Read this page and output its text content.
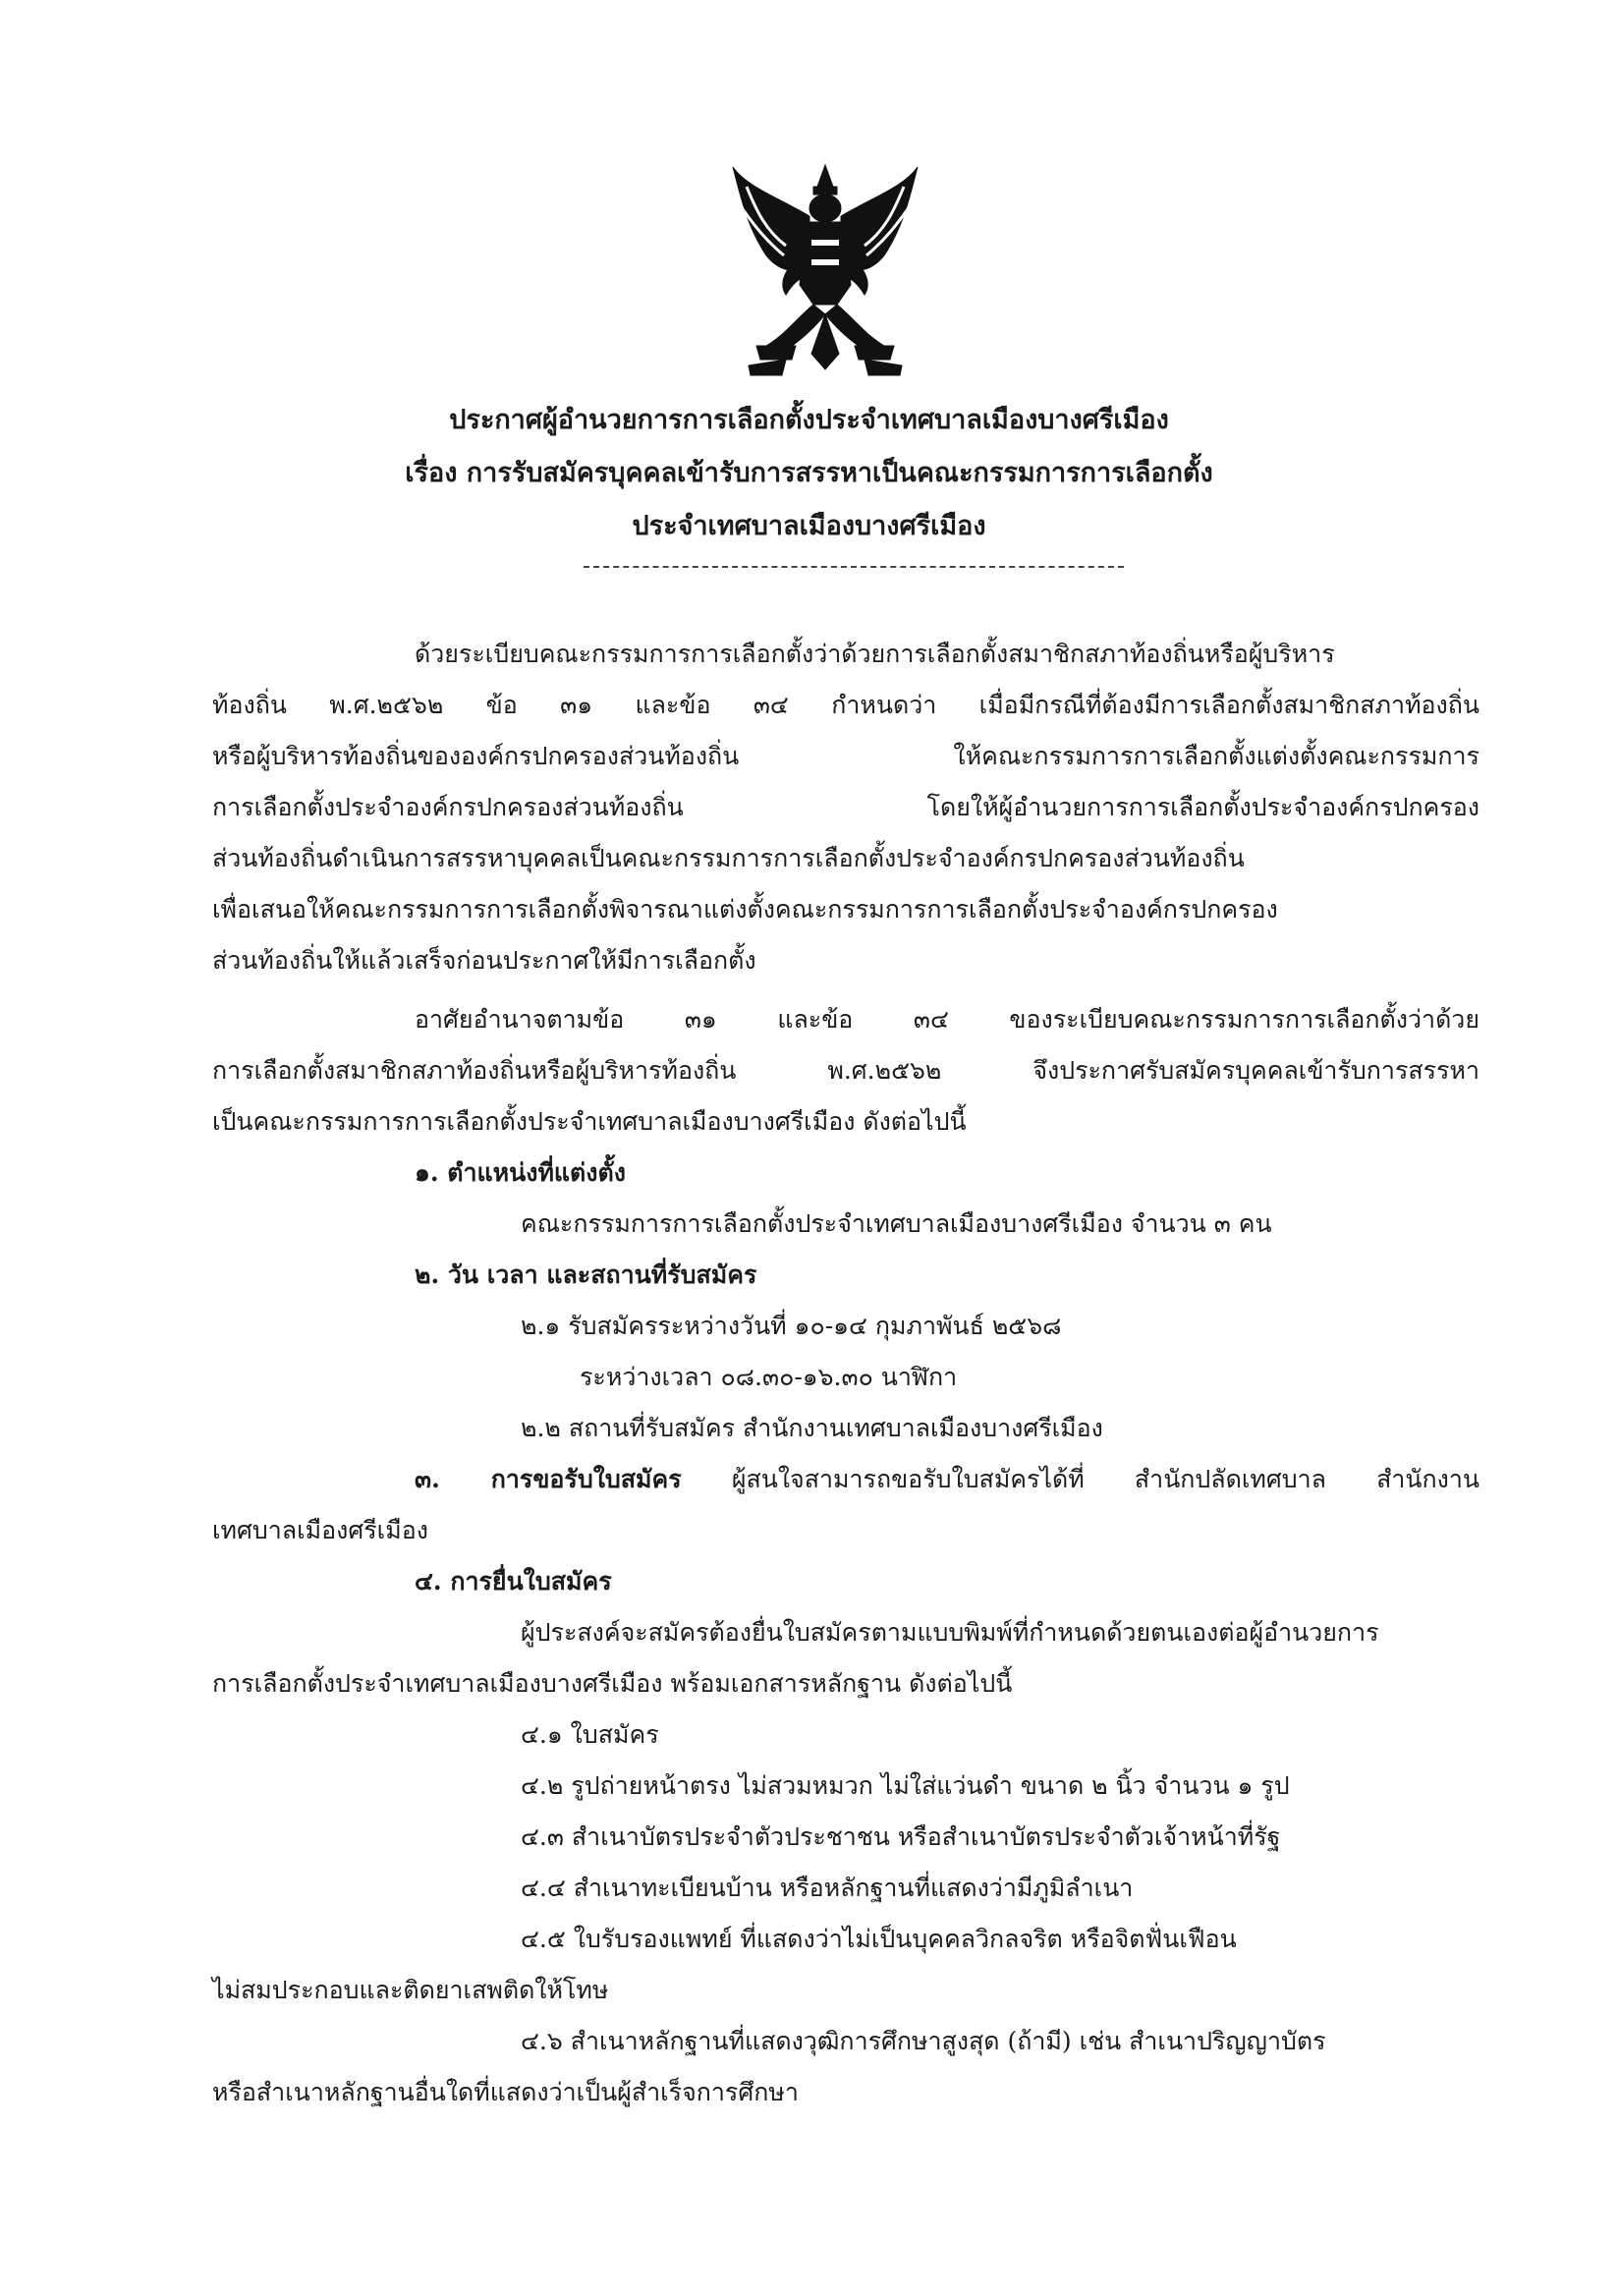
ประกาศผู้อำนวยการการเลือกตั้งประจำเทศบาลเมืองบางศรีเมือง
เรื่อง การรับสมัครบุคคลเข้ารับการสรรหาเป็นคณะกรรมการการเลือกตั้ง
ประจำเทศบาลเมืองบางศรีเมือง
ด้วยระเบียบคณะกรรมการการเลือกตั้งว่าด้วยการเลือกตั้งสมาชิกสภาท้องถิ่นหรือผู้บริหาร
ท้องถิ่น พ.ศ.๒๕๖๒ ข้อ ๓๑ และข้อ ๓๔ กำหนดว่า เมื่อมีกรณีที่ต้องมีการเลือกตั้งสมาชิกสภาท้องถิ่น
หรือผู้บริหารท้องถิ่นขององค์กรปกครองส่วนท้องถิ่น ให้คณะกรรมการการเลือกตั้งแต่งตั้งคณะกรรมการ
การเลือกตั้งประจำองค์กรปกครองส่วนท้องถิ่น โดยให้ผู้อำนวยการการเลือกตั้งประจำองค์กรปกครอง
ส่วนท้องถิ่นดำเนินการสรรหาบุคคลเป็นคณะกรรมการการเลือกตั้งประจำองค์กรปกครองส่วนท้องถิ่น
เพื่อเสนอให้คณะกรรมการการเลือกตั้งพิจารณาแต่งตั้งคณะกรรมการการเลือกตั้งประจำองค์กรปกครอง
ส่วนท้องถิ่นให้แล้วเสร็จก่อนประกาศให้มีการเลือกตั้ง
อาศัยอำนาจตามข้อ ๓๑ และข้อ ๓๔ ของระเบียบคณะกรรมการการเลือกตั้งว่าด้วย
การเลือกตั้งสมาชิกสภาท้องถิ่นหรือผู้บริหารท้องถิ่น พ.ศ.๒๕๖๒ จึงประกาศรับสมัครบุคคลเข้ารับการสรรหา
เป็นคณะกรรมการการเลือกตั้งประจำเทศบาลเมืองบางศรีเมือง ดังต่อไปนี้
๑. ตำแหน่งที่แต่งตั้ง
คณะกรรมการการเลือกตั้งประจำเทศบาลเมืองบางศรีเมือง จำนวน ๓ คน
๒. วัน เวลา และสถานที่รับสมัคร
๒.๑ รับสมัครระหว่างวันที่ ๑๐-๑๔ กุมภาพันธ์ ๒๕๖๘
ระหว่างเวลา ๐๘.๓๐-๑๖.๓๐ นาฬิกา
๒.๒ สถานที่รับสมัคร สำนักงานเทศบาลเมืองบางศรีเมือง
๓. การขอรับใบสมัคร ผู้สนใจสามารถขอรับใบสมัครได้ที่ สำนักปลัดเทศบาล สำนักงาน
เทศบาลเมืองศรีเมือง
๔. การยื่นใบสมัคร
ผู้ประสงค์จะสมัครต้องยื่นใบสมัครตามแบบพิมพ์ที่กำหนดด้วยตนเองต่อผู้อำนวยการ
การเลือกตั้งประจำเทศบาลเมืองบางศรีเมือง พร้อมเอกสารหลักฐาน ดังต่อไปนี้
๔.๑ ใบสมัคร
๔.๒ รูปถ่ายหน้าตรง ไม่สวมหมวก ไม่ใส่แว่นดำ ขนาด ๒ นิ้ว จำนวน ๑ รูป
๔.๓ สำเนาบัตรประจำตัวประชาชน หรือสำเนาบัตรประจำตัวเจ้าหน้าที่รัฐ
๔.๔ สำเนาทะเบียนบ้าน หรือหลักฐานที่แสดงว่ามีภูมิลำเนา
๔.๕ ใบรับรองแพทย์ ที่แสดงว่าไม่เป็นบุคคลวิกลจริต หรือจิตฟั่นเฟือน
ไม่สมประกอบและติดยาเสพติดให้โทษ
๔.๖ สำเนาหลักฐานที่แสดงวุฒิการศึกษาสูงสุด (ถ้ามี) เช่น สำเนาปริญญาบัตร
หรือสำเนาหลักฐานอื่นใดที่แสดงว่าเป็นผู้สำเร็จการศึกษา
